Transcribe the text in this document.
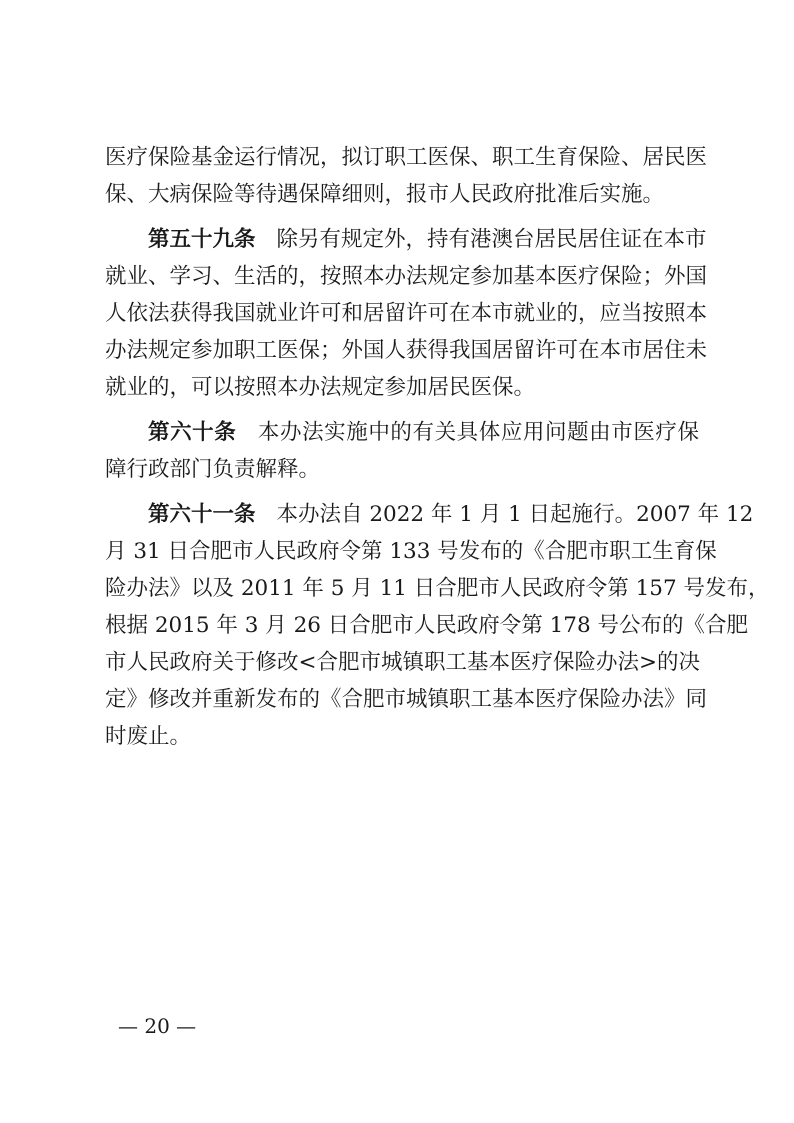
医疗保险基金运行情况，拟订职工医保、职工生育保险、居民医
保、大病保险等待遇保障细则，报市人民政府批准后实施。
第五十九条 除另有规定外，持有港澳台居民居住证在本市
就业、学习、生活的，按照本办法规定参加基本医疗保险；外国
人依法获得我国就业许可和居留许可在本市就业的，应当按照本
办法规定参加职工医保；外国人获得我国居留许可在本市居住未
就业的，可以按照本办法规定参加居民医保。
第六十条 本办法实施中的有关具体应用问题由市医疗保
障行政部门负责解释。
第六十一条 本办法自 2022 年 1 月 1 日起施行。2007 年 12
月 31 日合肥市人民政府令第 133 号发布的《合肥市职工生育保
险办法》以及 2011 年 5 月 11 日合肥市人民政府令第 157 号发布，
根据 2015 年 3 月 26 日合肥市人民政府令第 178 号公布的《合肥
市人民政府关于修改<合肥市城镇职工基本医疗保险办法>的决
定》修改并重新发布的《合肥市城镇职工基本医疗保险办法》同
时废止。
— 20 —
